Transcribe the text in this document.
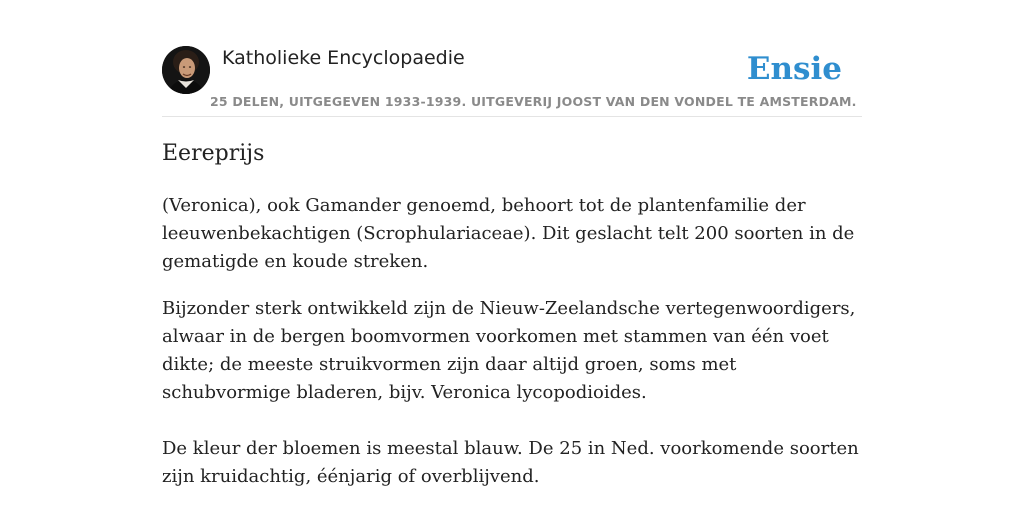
Katholieke Encyclopaedie	Ensie
25 DELEN, UITGEGEVEN 1933-1939. UITGEVERIJ JOOST VAN DEN VONDEL TE AMSTERDAM.
Eereprijs

(Veronica), ook Gamander genoemd, behoort tot de plantenfamilie der leeuwenbekachtigen (Scrophulariaceae). Dit geslacht telt 200 soorten in de gematigde en koude streken.

Bijzonder sterk ontwikkeld zijn de Nieuw-Zeelandsche vertegenwoordigers, alwaar in de bergen boomvormen voorkomen met stammen van één voet dikte; de meeste struikvormen zijn daar altijd groen, soms met schubvormige bladeren, bijv. Veronica lycopodioides.

De kleur der bloemen is meestal blauw. De 25 in Ned. voorkomende soorten zijn kruidachtig, éénjarig of overblijvend.
